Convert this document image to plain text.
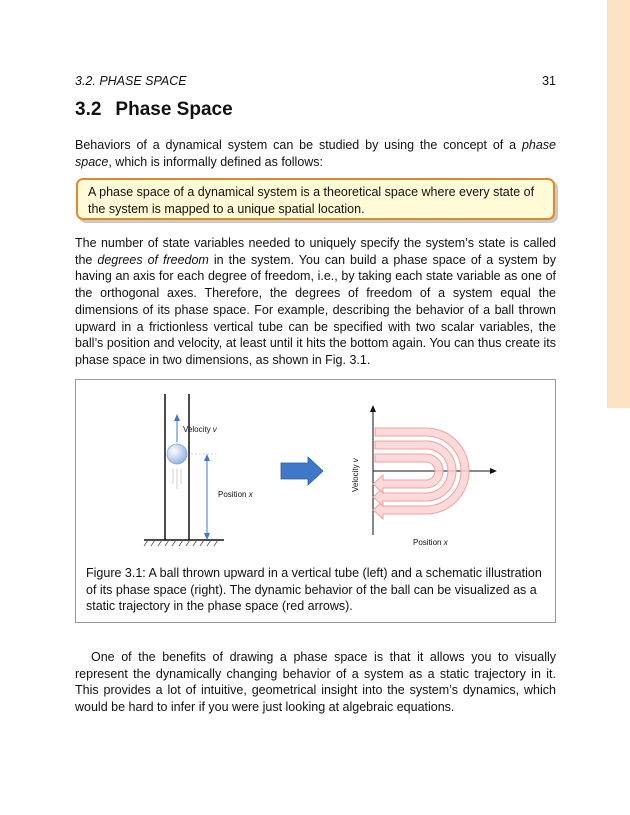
3.2. PHASE SPACE	31
3.2 Phase Space

Behaviors of a dynamical system can be studied by using the concept of a phase space, which is informally defined as follows:

A phase space of a dynamical system is a theoretical space where every state of the system is mapped to a unique spatial location.

The number of state variables needed to uniquely specify the system’s state is called the degrees of freedom in the system. You can build a phase space of a system by having an axis for each degree of freedom, i.e., by taking each state variable as one of the orthogonal axes. Therefore, the degrees of freedom of a system equal the dimensions of its phase space. For example, describing the behavior of a ball thrown upward in a frictionless vertical tube can be specified with two scalar variables, the ball’s position and velocity, at least until it hits the bottom again. You can thus create its phase space in two dimensions, as shown in Fig. 3.1.

Velocity v
Position x
Velocity v
Position x

Figure 3.1: A ball thrown upward in a vertical tube (left) and a schematic illustration of its phase space (right). The dynamic behavior of the ball can be visualized as a static trajectory in the phase space (red arrows).

One of the benefits of drawing a phase space is that it allows you to visually represent the dynamically changing behavior of a system as a static trajectory in it. This provides a lot of intuitive, geometrical insight into the system’s dynamics, which would be hard to infer if you were just looking at algebraic equations.
